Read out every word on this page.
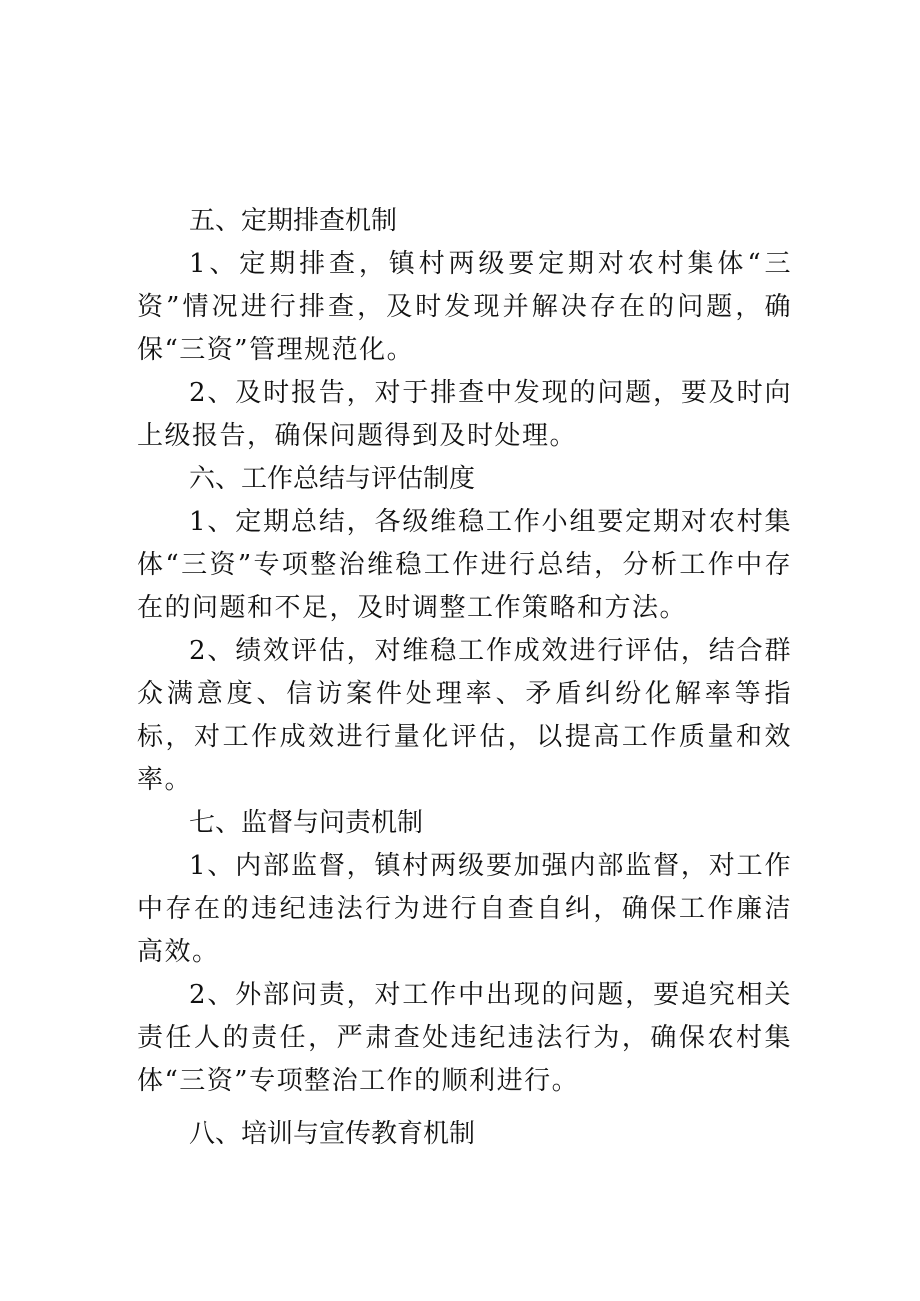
五、定期排查机制

1、定期排查，镇村两级要定期对农村集体“三资”情况进行排查，及时发现并解决存在的问题，确保“三资”管理规范化。

2、及时报告，对于排查中发现的问题，要及时向上级报告，确保问题得到及时处理。

六、工作总结与评估制度

1、定期总结，各级维稳工作小组要定期对农村集体“三资”专项整治维稳工作进行总结，分析工作中存在的问题和不足，及时调整工作策略和方法。

2、绩效评估，对维稳工作成效进行评估，结合群众满意度、信访案件处理率、矛盾纠纷化解率等指标，对工作成效进行量化评估，以提高工作质量和效率。

七、监督与问责机制

1、内部监督，镇村两级要加强内部监督，对工作中存在的违纪违法行为进行自查自纠，确保工作廉洁高效。

2、外部问责，对工作中出现的问题，要追究相关责任人的责任，严肃查处违纪违法行为，确保农村集体“三资”专项整治工作的顺利进行。

八、培训与宣传教育机制
